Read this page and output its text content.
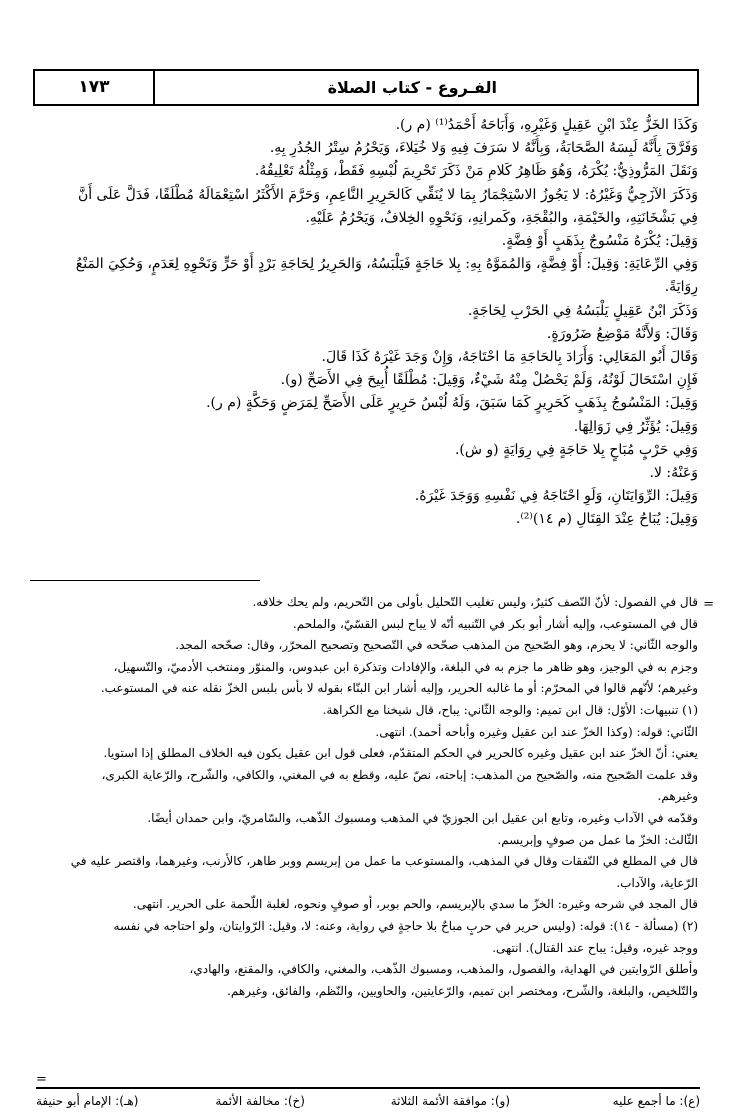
الفـروع - كتاب الصلاة
١٧٣

وَكَذَا الخَزُّ عِنْدَ ابْنِ عَقِيلٍ وَغَيْرِهِ، وَأَبَاحَهُ أَحْمَدُ⁽¹⁾ (م ر).

وَفَرَّقَ بِأَنَّهُ لَبِسَهُ الصَّحَابَةُ، وَبِأَنَّهُ لا سَرَفَ فِيهِ وَلا خُيَلاءَ، وَيَحْرُمُ سِتْرُ الجُدُرِ بِهِ.

وَنَقَلَ المَرُّوذِيُّ: يُكْرَهُ، وَهُوَ ظَاهِرُ كَلامِ مَنْ ذَكَرَ تَحْرِيمَ لُبْسِهِ فَقَطْ، وَمِثْلُهُ تَعْلِيقُهُ.

وَذَكَرَ الآزَجِيُّ وَغَيْرُهُ: لا يَجُوزُ الاسْتِجْمَارُ بِمَا لا يُنَقِّي كَالحَرِيرِ النَّاعِمِ، وَحَرَّمَ الأَكْثَرُ اسْتِعْمَالَهُ مُطْلَقًا، فَدَلَّ عَلَى أَنَّ

فِي بَشْخَانَتِهِ، والخَيْمَةِ، والبُقْجَةِ، وكَمرانِهِ، وَنَحْوِهِ الخِلافُ، وَيَحْرُمُ عَلَيْهِ.

وَقِيلَ: يُكْرَهُ مَنْسُوجٌ بِذَهَبٍ أَوْ فِضَّةٍ.

وَفِي الرِّعَايَةِ: وَقِيلَ: أَوْ فِضَّةٍ، وَالمُمَوَّهُ بِهِ: بِلا حَاجَةٍ فَيَلْبَسُهُ، وَالحَرِيرُ لِحَاجَةِ بَرْدٍ أَوْ حَرٍّ وَنَحْوِهِ لِعَدَمٍ، وَحُكِيَ المَنْعُ

رِوَايَةً.

وَذَكَرَ ابْنُ عَقِيلٍ يَلْبَسُهُ فِي الحَرْبِ لِحَاجَةٍ.

وَقَالَ: وَلأَنَّهُ مَوْضِعُ ضَرُورَةٍ.

وَقَالَ أَبُو المَعَالِي: وَأَرَادَ بِالحَاجَةِ مَا احْتَاجَهُ، وَإِنْ وَجَدَ غَيْرَهُ كَذَا قَالَ.

فَإِنِ اسْتَحَالَ لَوْنُهُ، وَلَمْ يَحْصُلْ مِنْهُ شَيْءٌ، وَقِيلَ: مُطْلَقًا أُبِيحَ فِي الأَصَحِّ (و).

وَقِيلَ: المَنْسُوجُ بِذَهَبٍ كَحَرِيرٍ كَمَا سَبَقَ، وَلَهُ لُبْسُ حَرِيرٍ عَلَى الأَصَحِّ لِمَرَضٍ وَحَكَّةٍ (م ر).

وَقِيلَ: يُؤَثِّرُ فِي زَوَالِهَا.

وَفِي حَرْبٍ مُبَاحٍ بِلا حَاجَةٍ فِي رِوَايَةٍ (و ش).

وَعَنْهُ: لا.

وَقِيلَ: الرِّوَايَتَانِ، وَلَوِ احْتَاجَهُ فِي نَفْسِهِ وَوَجَدَ غَيْرَهُ.

وَقِيلَ: يُبَاحُ عِنْدَ القِتَالِ (م ١٤)⁽²⁾.

=

قال في الفصول: لأنّ النّصف كثيرٌ، وليس تغليب التّحليل بأولى من التّحريم، ولم يحك خلافه.

قال في المستوعب، وإليه أشار أبو بكر في التّنبيه أنّه لا يباح لبس القسّيّ، والملحم.

والوجه الثّاني: لا يحرم، وهو الصّحيح من المذهب صحّحه في التّصحيح وتصحيح المحرّر، وقال: صحّحه المجد.

وجزم به في الوجيز، وهو ظاهر ما جزم به في البلغة، والإفادات وتذكرة ابن عبدوس، والمنوّر ومنتخب الأدميّ، والتّسهيل،

وغيرهم؛ لأنّهم قالوا في المحرّم: أو ما غالبه الحرير، وإليه أشار ابن البنّاء بقوله لا بأس بلبس الخزّ نقله عنه في المستوعب.

(١) تنبيهات: الأوّل: قال ابن تميم: والوجه الثّاني: يباح، قال شيخنا مع الكراهة.

الثّاني: قوله: (وكذا الخزّ عند ابن عقيل وغيره وأباحه أحمد). انتهى.

يعني: أنّ الخزّ عند ابن عقيل وغيره كالحرير في الحكم المتقدّم، فعلى قول ابن عقيل يكون فيه الخلاف المطلق إذا استويا.

وقد علمت الصّحيح منه، والصّحيح من المذهب: إباحته، نصّ عليه، وقطع به في المغني، والكافي، والشّرح، والرّعاية الكبرى،

وغيرهم.

وقدّمه في الآداب وغيره، وتابع ابن عقيل ابن الجوزيّ في المذهب ومسبوك الذّهب، والسّامريّ، وابن حمدان أيضًا.

الثّالث: الخزّ ما عمل من صوفٍ وإبريسم.

قال في المطلع في النّفقات وقال في المذهب، والمستوعب ما عمل من إبريسم ووبر طاهر، كالأرنب، وغيرهما، واقتصر عليه في

الرّعاية، والآداب.

قال المجد في شرحه وغيره: الخزّ ما سدي بالإبريسم، والحم بوبر، أو صوفٍ ونحوه، لغلبة اللّحمة على الحرير. انتهى.

(٢) (مسألة - ١٤): قوله: (وليس حرير في حربٍ مباحٌ بلا حاجةٍ في رواية، وعنه: لا، وقيل: الرّوايتان، ولو احتاجه في نفسه

ووجد غيره، وقيل: يباح عند القتال). انتهى.

وأطلق الرّوايتين في الهداية، والفصول، والمذهب، ومسبوك الذّهب، والمغني، والكافي، والمقنع، والهادي،

والتّلخيص، والبلغة، والشّرح، ومختصر ابن تميم، والرّعايتين، والحاويين، والنّظم، والفائق، وغيرهم.

=
(ع): ما أجمع عليه
(و): موافقة الأئمة الثلاثة
(خ): مخالفة الأئمة
(هـ): الإمام أبو حنيفة
